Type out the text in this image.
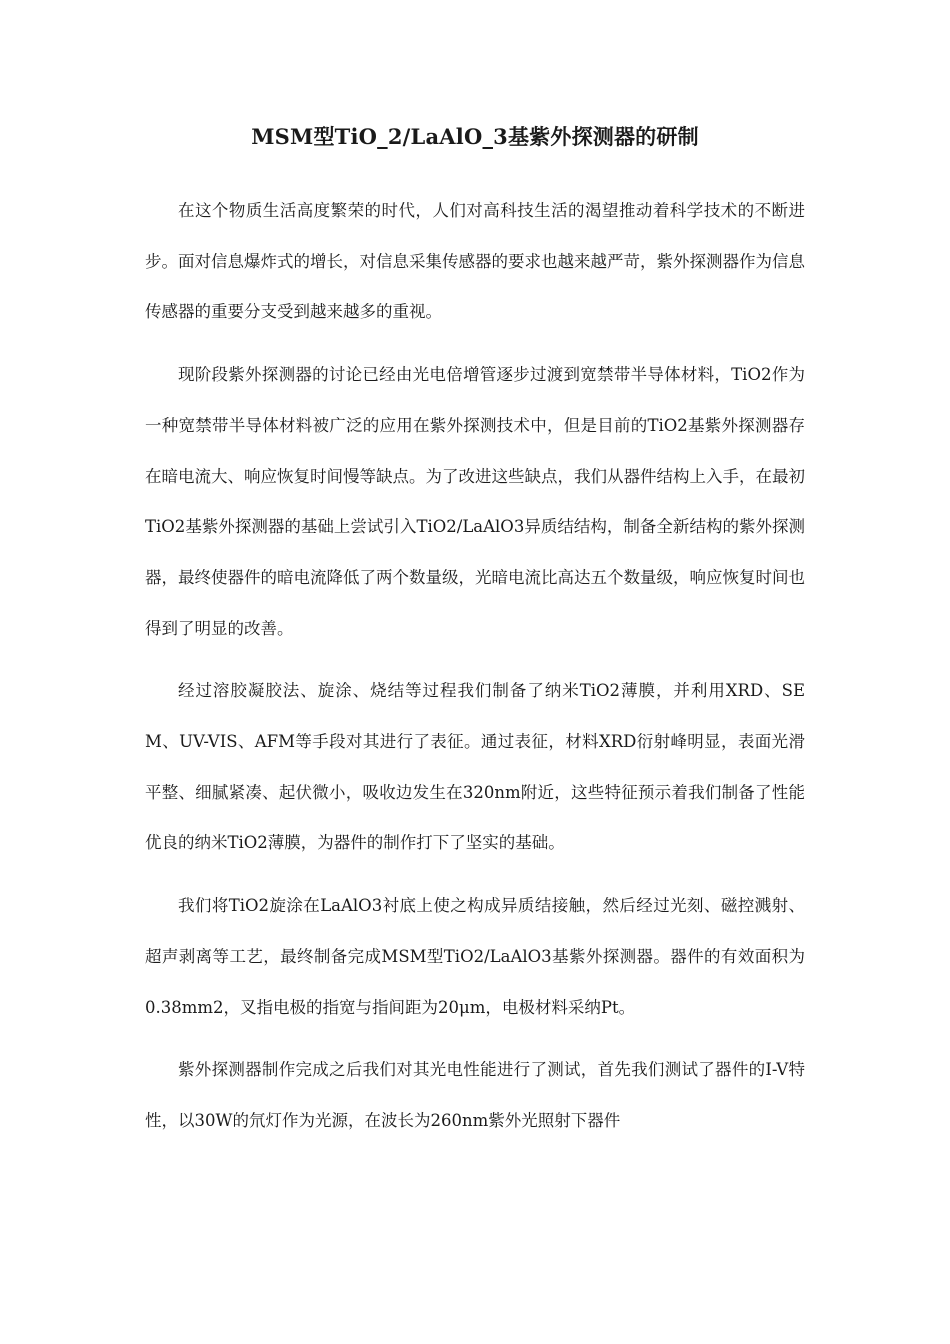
MSM型TiO_2/LaAlO_3基紫外探测器的研制

在这个物质生活高度繁荣的时代，人们对高科技生活的渴望推动着科学技术的不断进步。面对信息爆炸式的增长，对信息采集传感器的要求也越来越严苛，紫外探测器作为信息传感器的重要分支受到越来越多的重视。

现阶段紫外探测器的讨论已经由光电倍增管逐步过渡到宽禁带半导体材料，TiO2作为一种宽禁带半导体材料被广泛的应用在紫外探测技术中，但是目前的TiO2基紫外探测器存在暗电流大、响应恢复时间慢等缺点。为了改进这些缺点，我们从器件结构上入手，在最初TiO2基紫外探测器的基础上尝试引入TiO2/LaAlO3异质结结构，制备全新结构的紫外探测器，最终使器件的暗电流降低了两个数量级，光暗电流比高达五个数量级，响应恢复时间也得到了明显的改善。

经过溶胶凝胶法、旋涂、烧结等过程我们制备了纳米TiO2薄膜，并利用XRD、SEM、UV-VIS、AFM等手段对其进行了表征。通过表征，材料XRD衍射峰明显，表面光滑平整、细腻紧凑、起伏微小，吸收边发生在320nm附近，这些特征预示着我们制备了性能优良的纳米TiO2薄膜，为器件的制作打下了坚实的基础。

我们将TiO2旋涂在LaAlO3衬底上使之构成异质结接触，然后经过光刻、磁控溅射、超声剥离等工艺，最终制备完成MSM型TiO2/LaAlO3基紫外探测器。器件的有效面积为0.38mm2，叉指电极的指宽与指间距为20μm，电极材料采纳Pt。

紫外探测器制作完成之后我们对其光电性能进行了测试，首先我们测试了器件的I-V特性，以30W的氘灯作为光源，在波长为260nm紫外光照射下器件
